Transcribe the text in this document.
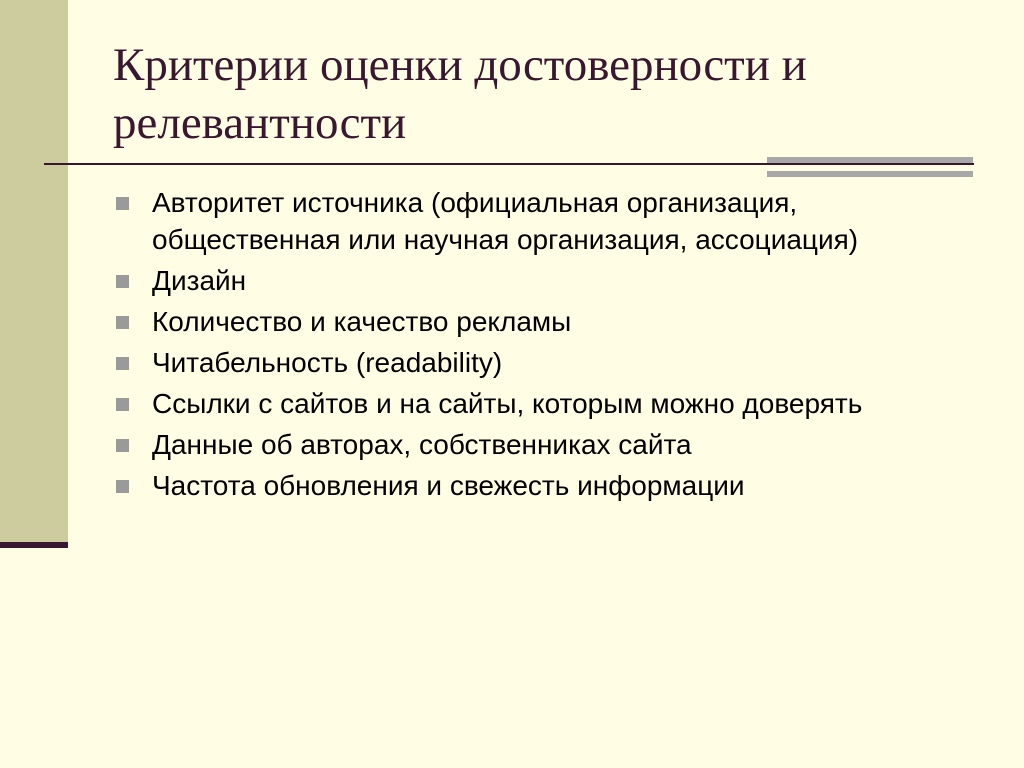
Критерии оценки достоверности и релевантности
Авторитет источника (официальная организация, общественная или научная организация, ассоциация)
Дизайн
Количество и качество рекламы
Читабельность (readability)
Ссылки с сайтов и на сайты, которым можно доверять
Данные об авторах, собственниках сайта
Частота обновления и свежесть информации
